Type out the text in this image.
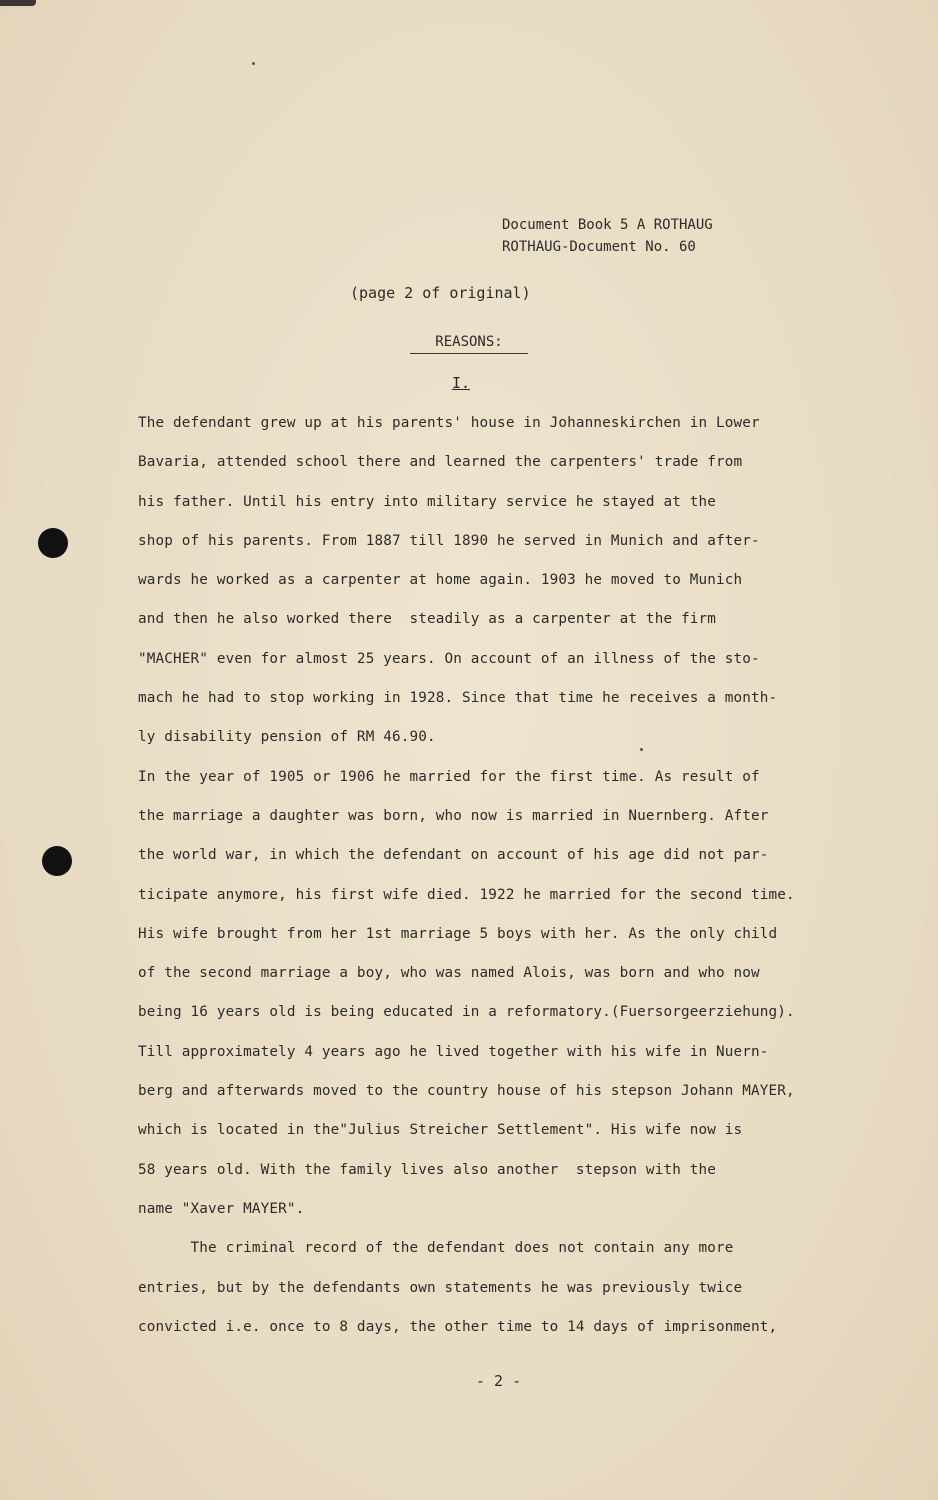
Document Book 5 A ROTHAUG
ROTHAUG-Document No. 60
(page 2 of original)
REASONS:
I.
The defendant grew up at his parents' house in Johanneskirchen in Lower
Bavaria, attended school there and learned the carpenters' trade from
his father. Until his entry into military service he stayed at the
shop of his parents. From 1887 till 1890 he served in Munich and after-
wards he worked as a carpenter at home again. 1903 he moved to Munich
and then he also worked there  steadily as a carpenter at the firm
"MACHER" even for almost 25 years. On account of an illness of the sto-
mach he had to stop working in 1928. Since that time he receives a month-
ly disability pension of RM 46.90.
In the year of 1905 or 1906 he married for the first time. As result of
the marriage a daughter was born, who now is married in Nuernberg. After
the world war, in which the defendant on account of his age did not par-
ticipate anymore, his first wife died. 1922 he married for the second time.
His wife brought from her 1st marriage 5 boys with her. As the only child
of the second marriage a boy, who was named Alois, was born and who now
being 16 years old is being educated in a reformatory.(Fuersorgeerziehung).
Till approximately 4 years ago he lived together with his wife in Nuern-
berg and afterwards moved to the country house of his stepson Johann MAYER,
which is located in the"Julius Streicher Settlement". His wife now is
58 years old. With the family lives also another  stepson with the
name "Xaver MAYER".
The criminal record of the defendant does not contain any more
entries, but by the defendants own statements he was previously twice
convicted i.e. once to 8 days, the other time to 14 days of imprisonment,
- 2 -
